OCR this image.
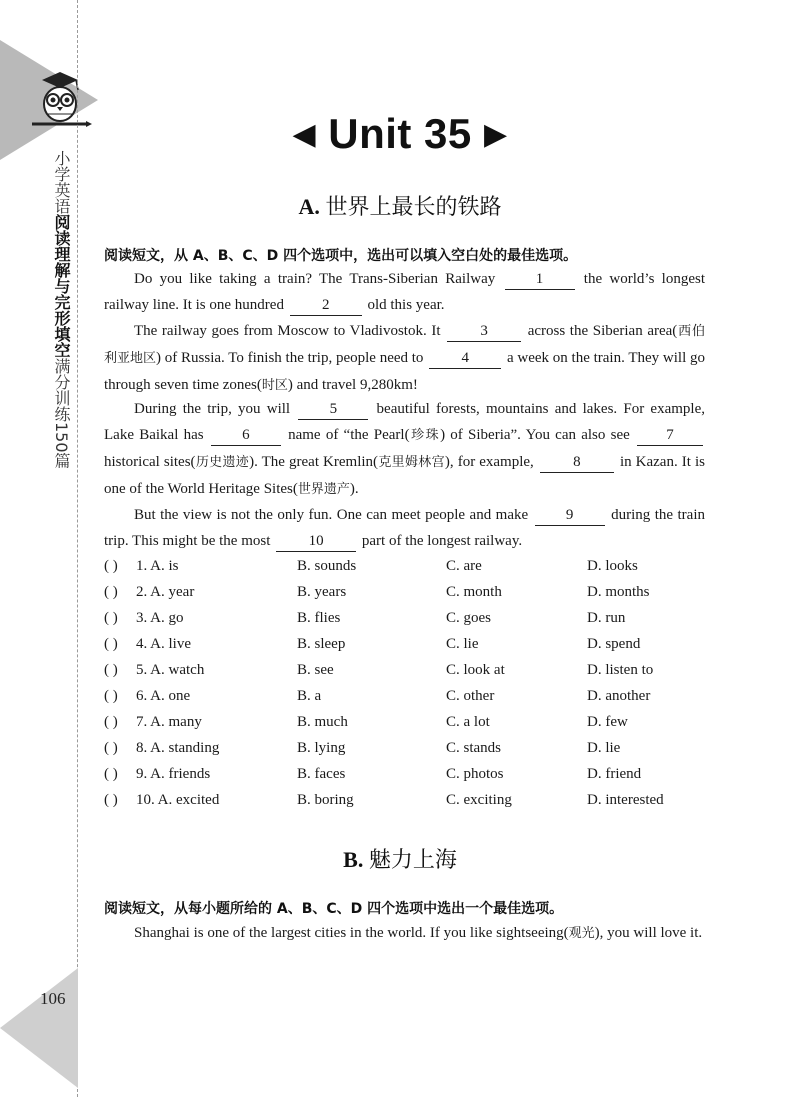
小学英语阅读理解与完形填空满分训练150篇
106
◀ Unit 35 ▶
A. 世界上最长的铁路
阅读短文，从 A、B、C、D 四个选项中，选出可以填入空白处的最佳选项。
Do you like taking a train? The Trans-Siberian Railway	1	the world’s longest railway line. It is one hundred	2	old this year.
The railway goes from Moscow to Vladivostok. It	3	across the Siberian area(西伯利亚地区) of Russia. To finish the trip, people need to	4	a week on the train. They will go through seven time zones(时区) and travel 9,280km!
During the trip, you will	5	beautiful forests, mountains and lakes. For example, Lake Baikal has	6	name of “the Pearl(珍珠) of Siberia”. You can also see 7 historical sites(历史遗迹). The great Kremlin(克里姆林宫), for example,	8	in Kazan. It is one of the World Heritage Sites(世界遗产).
But the view is not the only fun. One can meet people and make	9	during the train trip. This might be the most	10	part of the longest railway.
( ) 1. A. is	B. sounds	C. are	D. looks
( ) 2. A. year	B. years	C. month	D. months
( ) 3. A. go	B. flies	C. goes	D. run
( ) 4. A. live	B. sleep	C. lie	D. spend
( ) 5. A. watch	B. see	C. look at	D. listen to
( ) 6. A. one	B. a	C. other	D. another
( ) 7. A. many	B. much	C. a lot	D. few
( ) 8. A. standing	B. lying	C. stands	D. lie
( ) 9. A. friends	B. faces	C. photos	D. friend
( ) 10. A. excited	B. boring	C. exciting	D. interested
B. 魅力上海
阅读短文，从每小题所给的 A、B、C、D 四个选项中选出一个最佳选项。
Shanghai is one of the largest cities in the world. If you like sightseeing(观光), you will love it.
